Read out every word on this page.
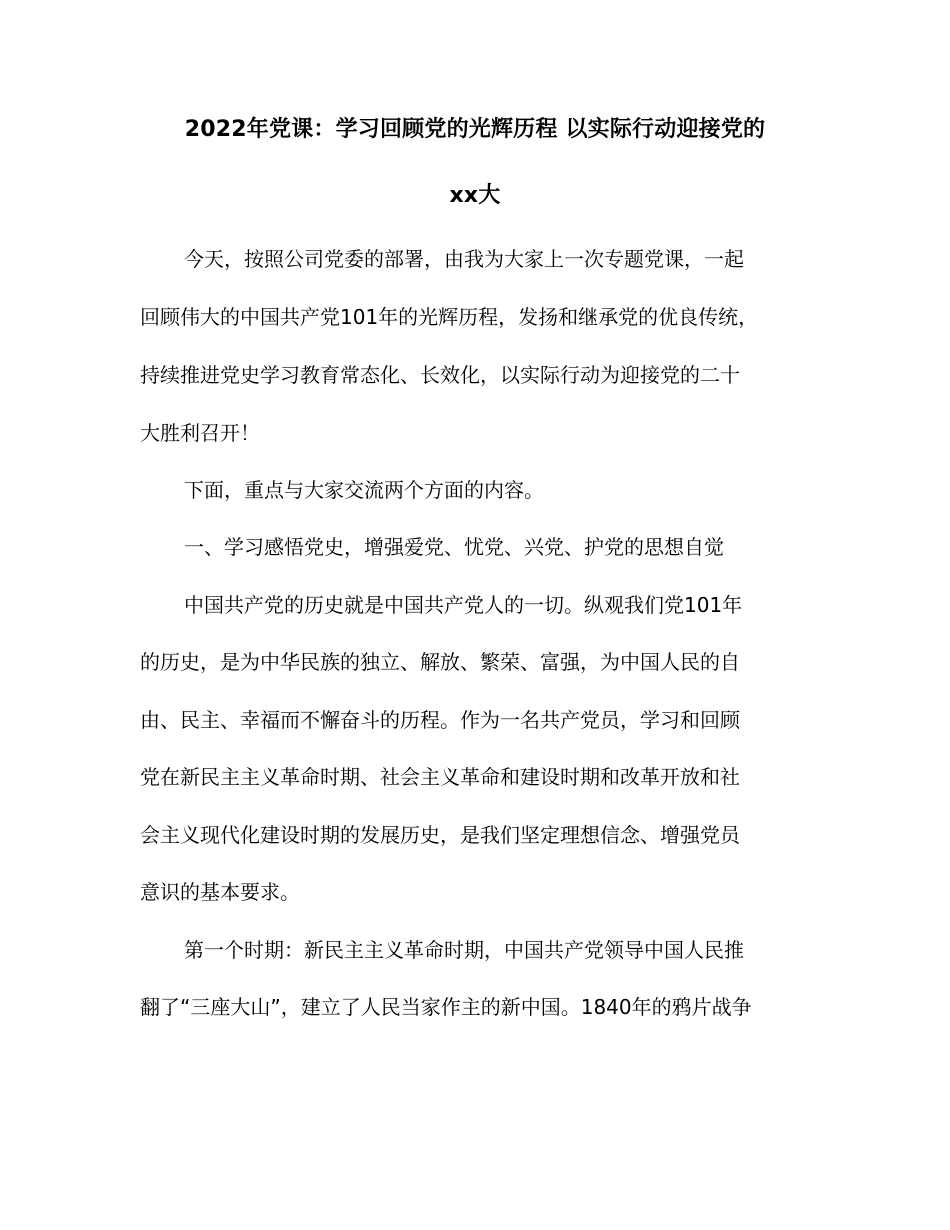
2022年党课：学习回顾党的光辉历程 以实际行动迎接党的
xx大
今天，按照公司党委的部署，由我为大家上一次专题党课，一起
回顾伟大的中国共产党101年的光辉历程，发扬和继承党的优良传统，
持续推进党史学习教育常态化、长效化，以实际行动为迎接党的二十
大胜利召开！
下面，重点与大家交流两个方面的内容。
一、学习感悟党史，增强爱党、忧党、兴党、护党的思想自觉
中国共产党的历史就是中国共产党人的一切。纵观我们党101年
的历史，是为中华民族的独立、解放、繁荣、富强，为中国人民的自
由、民主、幸福而不懈奋斗的历程。作为一名共产党员，学习和回顾
党在新民主主义革命时期、社会主义革命和建设时期和改革开放和社
会主义现代化建设时期的发展历史，是我们坚定理想信念、增强党员
意识的基本要求。
第一个时期：新民主主义革命时期，中国共产党领导中国人民推
翻了“三座大山”，建立了人民当家作主的新中国。1840年的鸦片战争
